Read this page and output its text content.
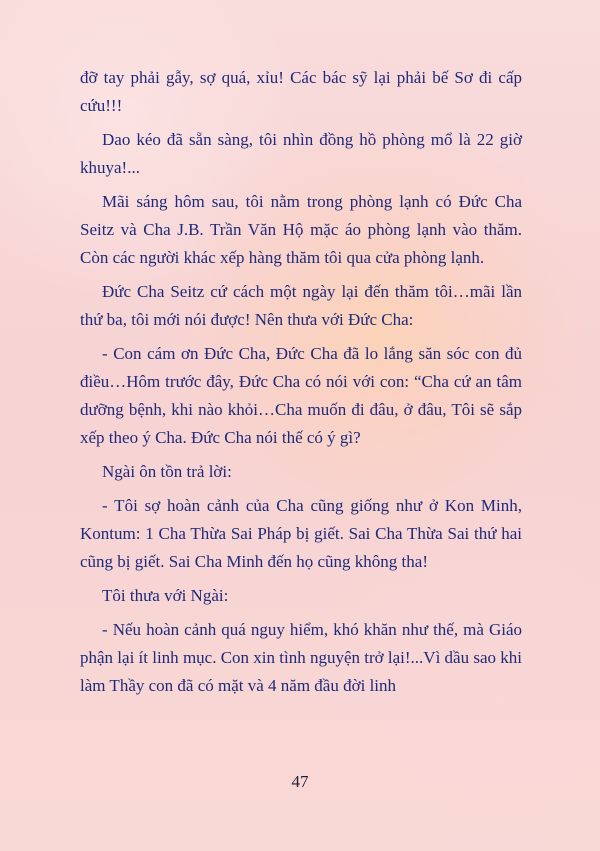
đỡ tay phải gẫy, sợ quá, xỉu! Các bác sỹ lại phải bế Sơ đi cấp cứu!!!

Dao kéo đã sẵn sàng, tôi nhìn đồng hồ phòng mổ là 22 giờ khuya!...

Mãi sáng hôm sau, tôi nằm trong phòng lạnh có Đức Cha Seitz và Cha J.B. Trần Văn Hộ mặc áo phòng lạnh vào thăm. Còn các người khác xếp hàng thăm tôi qua cửa phòng lạnh.

Đức Cha Seitz cứ cách một ngày lại đến thăm tôi…mãi lần thứ ba, tôi mới nói được! Nên thưa với Đức Cha:

- Con cám ơn Đức Cha, Đức Cha đã lo lắng săn sóc con đủ điều…Hôm trước đây, Đức Cha có nói với con: “Cha cứ an tâm dưỡng bệnh, khi nào khỏi…Cha muốn đi đâu, ở đâu, Tôi sẽ sắp xếp theo ý Cha. Đức Cha nói thế có ý gì?

Ngài ôn tồn trả lời:

- Tôi sợ hoàn cảnh của Cha cũng giống như ở Kon Minh, Kontum: 1 Cha Thừa Sai Pháp bị giết. Sai Cha Thừa Sai thứ hai cũng bị giết. Sai Cha Minh đến họ cũng không tha!

Tôi thưa với Ngài:

- Nếu hoàn cảnh quá nguy hiểm, khó khăn như thế, mà Giáo phận lại ít linh mục. Con xin tình nguyện trở lại!...Vì dầu sao khi làm Thầy con đã có mặt và 4 năm đầu đời linh

47
